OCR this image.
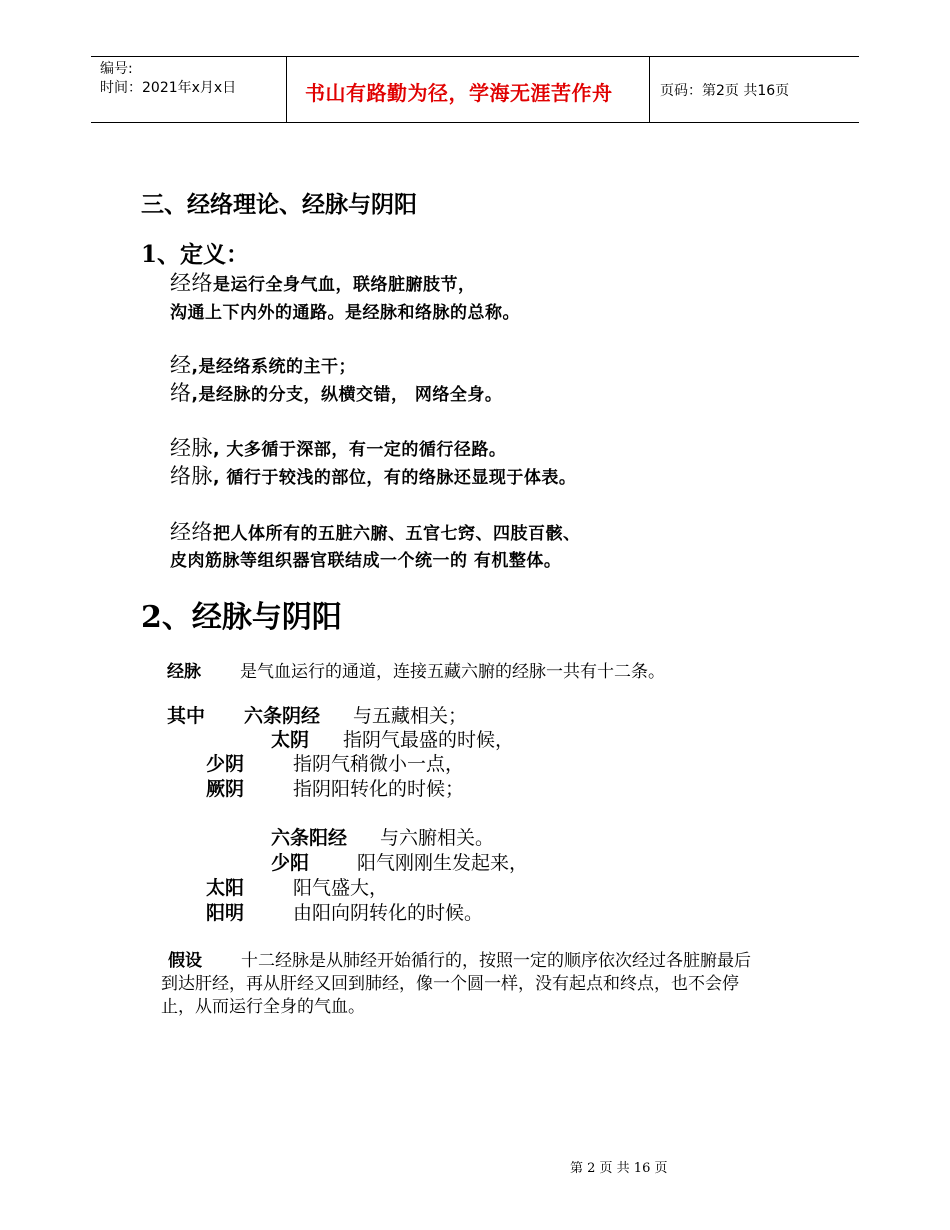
编号:
时间：2021年x月x日	书山有路勤为径，学海无涯苦作舟	页码：第2页 共16页
三、经络理论、经脉与阴阳
1、定义：
经络是运行全身气血，联络脏腑肢节，
沟通上下内外的通路。是经脉和络脉的总称。
经,是经络系统的主干；
络,是经脉的分支，纵横交错， 网络全身。
经脉, 大多循于深部，有一定的循行径路。
络脉, 循行于较浅的部位，有的络脉还显现于体表。
经络把人体所有的五脏六腑、五官七窍、四肢百骸、
皮肉筋脉等组织器官联结成一个统一的 有机整体。
2、经脉与阴阳
经脉 是气血运行的通道，连接五藏六腑的经脉一共有十二条。
其中 六条阴经 与五藏相关；
太阴 指阴气最盛的时候，
少阴	指阴气稍微小一点，
厥阴	指阴阳转化的时候；
六条阳经 与六腑相关。
少阳	阳气刚刚生发起来，
太阳	阳气盛大，
阳明	由阳向阴转化的时候。
假设 十二经脉是从肺经开始循行的，按照一定的顺序依次经过各脏腑最后
到达肝经，再从肝经又回到肺经，像一个圆一样，没有起点和终点，也不会停
止，从而运行全身的气血。
第 2 页 共 16 页
